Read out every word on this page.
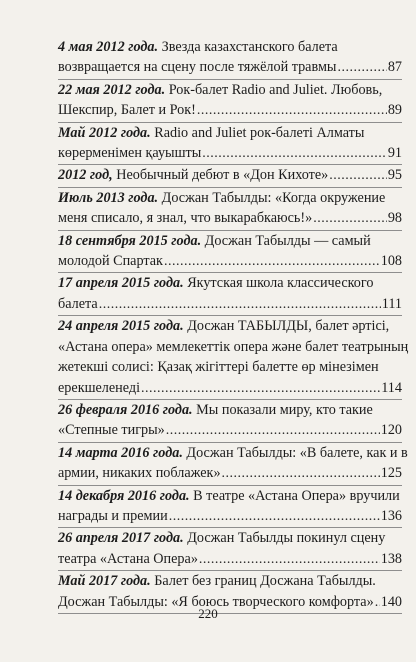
4 мая 2012 года. Звезда казахстанского балета
возвращается на сцену после тяжёлой травмы .....	87
22 мая 2012 года. Рок-балет Radio and Juliet. Любовь,
Шекспир, Балет и Рок! .....	89
Май 2012 года. Radio and Juliet рок-балеті Алматы
көрерменімен қауышты .....	91
2012 год, Необычный дебют в «Дон Кихоте» .....	95
Июль 2013 года. Досжан Табылды: «Когда окружение
меня списало, я знал, что выкарабкаюсь!» .....	98
18 сентября 2015 года. Досжан Табылды — самый
молодой Спартак .....	108
17 апреля 2015 года. Якутская школа классического
балета .....	111
24 апреля 2015 года. Досжан ТАБЫЛДЫ, балет әртісі,
«Астана опера» мемлекеттік опера және балет театрының
жетекші солисі: Қазақ жігіттері балетте өр мінезімен
ерекшеленеді .....	114
26 февраля 2016 года. Мы показали миру, кто такие
«Степные тигры» .....	120
14 марта 2016 года. Досжан Табылды: «В балете, как и в
армии, никаких поблажек» .....	125
14 декабря 2016 года. В театре «Астана Опера» вручили
награды и премии .....	136
26 апреля 2017 года. Досжан Табылды покинул сцену
театра «Астана Опера» .....	138
Май 2017 года. Балет без границ Досжана Табылды.
Досжан Табылды: «Я боюсь творческого комфорта» ..... 140
220
